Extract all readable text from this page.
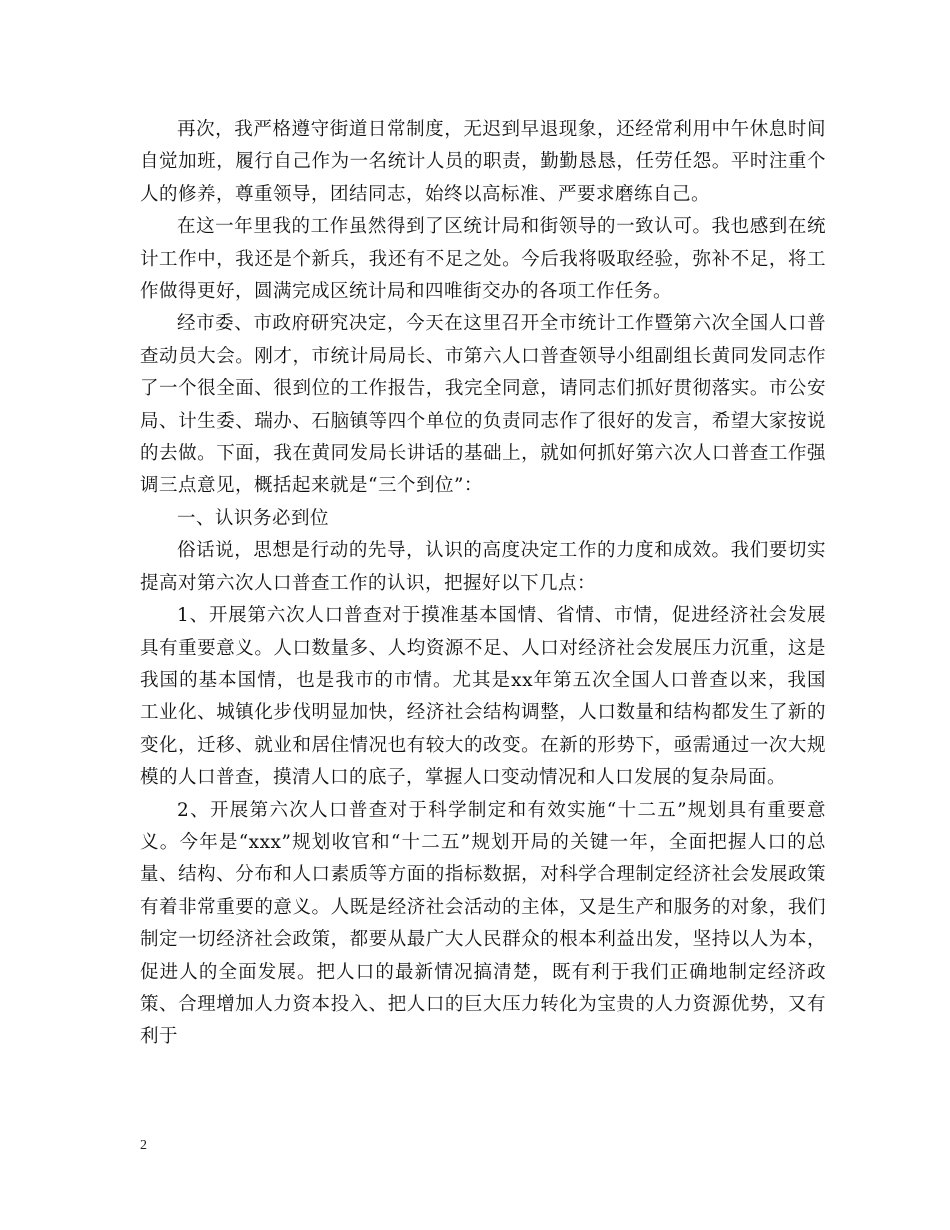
再次，我严格遵守街道日常制度，无迟到早退现象，还经常利用中午休息时间自觉加班，履行自己作为一名统计人员的职责，勤勤恳恳，任劳任怨。平时注重个人的修养，尊重领导，团结同志，始终以高标准、严要求磨练自己。

在这一年里我的工作虽然得到了区统计局和街领导的一致认可。我也感到在统计工作中，我还是个新兵，我还有不足之处。今后我将吸取经验，弥补不足，将工作做得更好，圆满完成区统计局和四唯街交办的各项工作任务。

经市委、市政府研究决定，今天在这里召开全市统计工作暨第六次全国人口普查动员大会。刚才，市统计局局长、市第六人口普查领导小组副组长黄同发同志作了一个很全面、很到位的工作报告，我完全同意，请同志们抓好贯彻落实。市公安局、计生委、瑞办、石脑镇等四个单位的负责同志作了很好的发言，希望大家按说的去做。下面，我在黄同发局长讲话的基础上，就如何抓好第六次人口普查工作强调三点意见，概括起来就是“三个到位”：

一、认识务必到位

俗话说，思想是行动的先导，认识的高度决定工作的力度和成效。我们要切实提高对第六次人口普查工作的认识，把握好以下几点：

1、开展第六次人口普查对于摸准基本国情、省情、市情，促进经济社会发展具有重要意义。人口数量多、人均资源不足、人口对经济社会发展压力沉重，这是我国的基本国情，也是我市的市情。尤其是xx年第五次全国人口普查以来，我国工业化、城镇化步伐明显加快，经济社会结构调整，人口数量和结构都发生了新的变化，迁移、就业和居住情况也有较大的改变。在新的形势下，亟需通过一次大规模的人口普查，摸清人口的底子，掌握人口变动情况和人口发展的复杂局面。

2、开展第六次人口普查对于科学制定和有效实施“十二五”规划具有重要意义。今年是“xxx”规划收官和“十二五”规划开局的关键一年，全面把握人口的总量、结构、分布和人口素质等方面的指标数据，对科学合理制定经济社会发展政策有着非常重要的意义。人既是经济社会活动的主体，又是生产和服务的对象，我们制定一切经济社会政策，都要从最广大人民群众的根本利益出发，坚持以人为本，促进人的全面发展。把人口的最新情况搞清楚，既有利于我们正确地制定经济政策、合理增加人力资本投入、把人口的巨大压力转化为宝贵的人力资源优势，又有利于

2
